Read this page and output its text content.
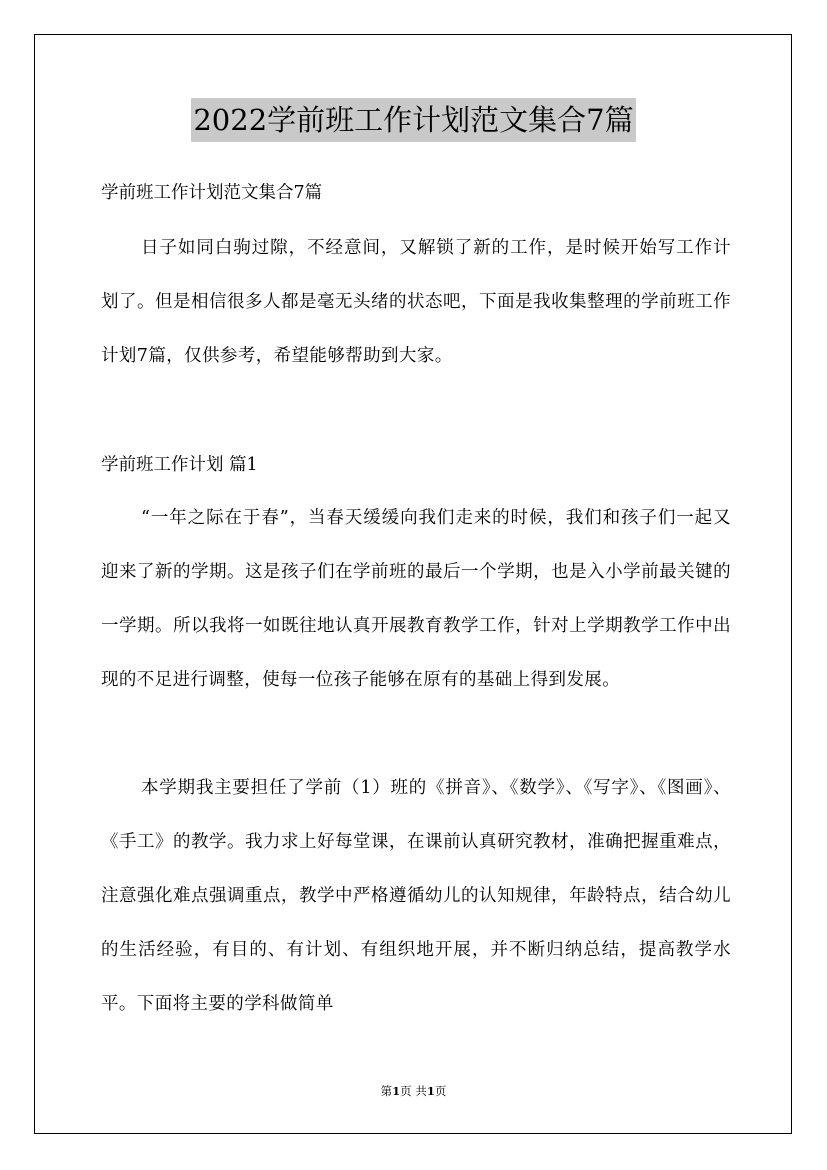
2022学前班工作计划范文集合7篇

学前班工作计划范文集合7篇

日子如同白驹过隙，不经意间，又解锁了新的工作，是时候开始写工作计划了。但是相信很多人都是毫无头绪的状态吧，下面是我收集整理的学前班工作计划7篇，仅供参考，希望能够帮助到大家。

学前班工作计划 篇1

“一年之际在于春”，当春天缓缓向我们走来的时候，我们和孩子们一起又迎来了新的学期。这是孩子们在学前班的最后一个学期，也是入小学前最关键的一学期。所以我将一如既往地认真开展教育教学工作，针对上学期教学工作中出现的不足进行调整，使每一位孩子能够在原有的基础上得到发展。

本学期我主要担任了学前（1）班的《拼音》、《数学》、《写字》、《图画》、《手工》的教学。我力求上好每堂课，在课前认真研究教材，准确把握重难点，注意强化难点强调重点，教学中严格遵循幼儿的认知规律，年龄特点，结合幼儿的生活经验，有目的、有计划、有组织地开展，并不断归纳总结，提高教学水平。下面将主要的学科做简单

第1页 共1页
